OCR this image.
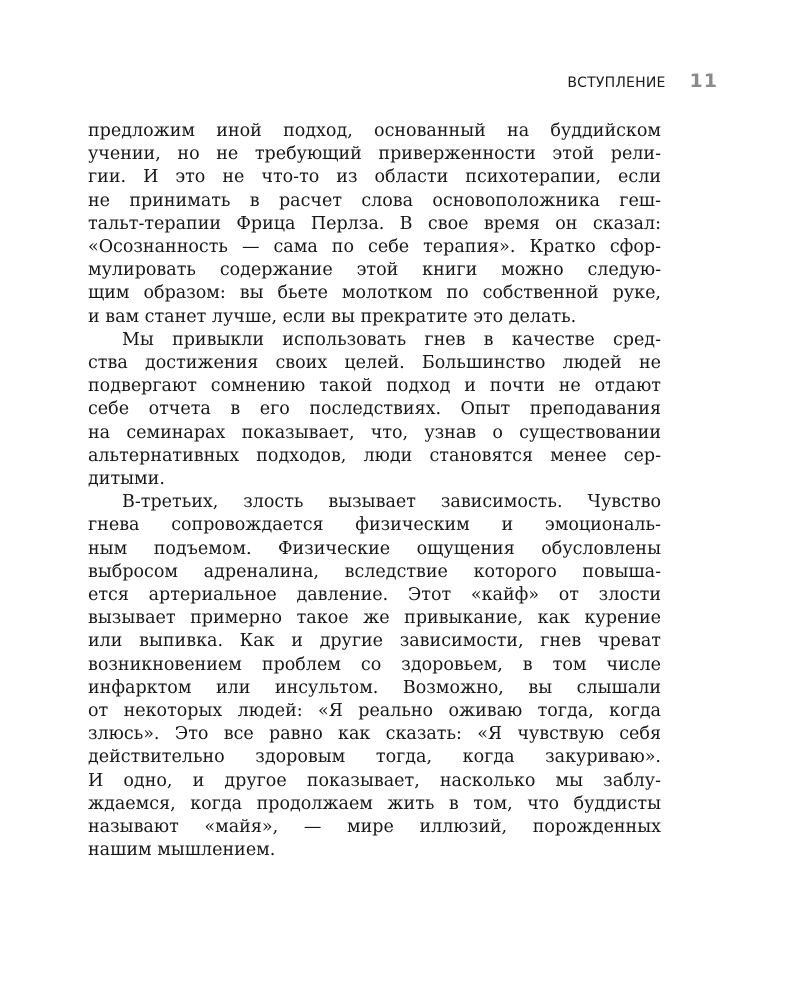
ВСТУПЛЕНИЕ 11
предложим иной подход, основанный на буддийском
учении, но не требующий приверженности этой рели-
гии. И это не что-то из области психотерапии, если
не принимать в расчет слова основоположника геш-
тальт-терапии Фрица Перлза. В свое время он сказал:
«Осознанность — сама по себе терапия». Кратко сфор-
мулировать содержание этой книги можно следую-
щим образом: вы бьете молотком по собственной руке,
и вам станет лучше, если вы прекратите это делать.
Мы привыкли использовать гнев в качестве сред-
ства достижения своих целей. Большинство людей не
подвергают сомнению такой подход и почти не отдают
себе отчета в его последствиях. Опыт преподавания
на семинарах показывает, что, узнав о существовании
альтернативных подходов, люди становятся менее сер-
дитыми.
В-третьих, злость вызывает зависимость. Чувство
гнева сопровождается физическим и эмоциональ-
ным подъемом. Физические ощущения обусловлены
выбросом адреналина, вследствие которого повыша-
ется артериальное давление. Этот «кайф» от злости
вызывает примерно такое же привыкание, как курение
или выпивка. Как и другие зависимости, гнев чреват
возникновением проблем со здоровьем, в том числе
инфарктом или инсультом. Возможно, вы слышали
от некоторых людей: «Я реально оживаю тогда, когда
злюсь». Это все равно как сказать: «Я чувствую себя
действительно здоровым тогда, когда закуриваю».
И одно, и другое показывает, насколько мы заблу-
ждаемся, когда продолжаем жить в том, что буддисты
называют «майя», — мире иллюзий, порожденных
нашим мышлением.
